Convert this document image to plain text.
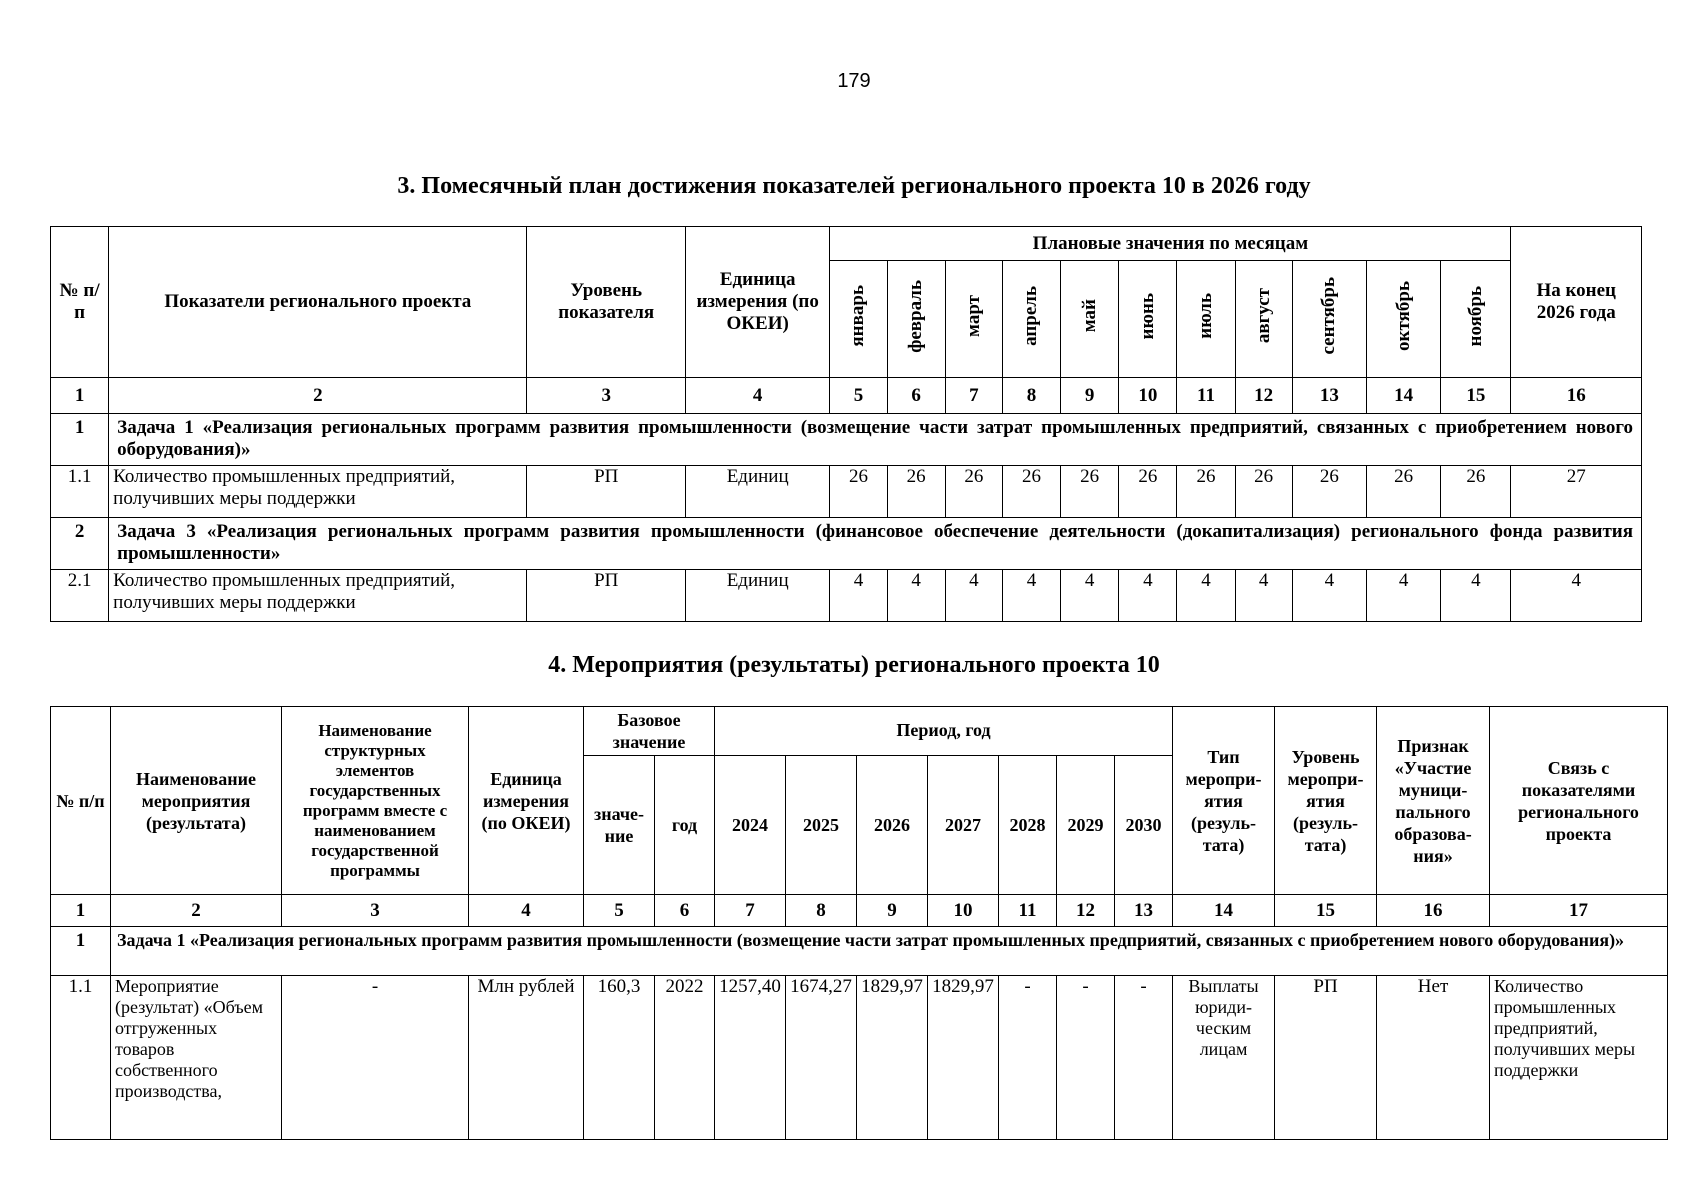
179
3. Помесячный план достижения показателей регионального проекта 10 в 2026 году
№ п/п	Показатели регионального проекта	Уровень показателя	Единица измерения (по ОКЕИ)	Плановые значения по месяцам											На конец 2026 года
				январь	февраль	март	апрель	май	июнь	июль	август	сентябрь	октябрь	ноябрь	
1	2	3	4	5	6	7	8	9	10	11	12	13	14	15	16
1	Задача 1 «Реализация региональных программ развития промышленности (возмещение части затрат промышленных предприятий, связанных с приобретением нового оборудования)»														
1.1	Количество промышленных предприятий, получивших меры поддержки	РП	Единиц	26	26	26	26	26	26	26	26	26	26	26	27
2	Задача 3 «Реализация региональных программ развития промышленности (финансовое обеспечение деятельности (докапитализация) регионального фонда развития промышленности»														
2.1	Количество промышленных предприятий, получивших меры поддержки	РП	Единиц	4	4	4	4	4	4	4	4	4	4	4	4
4. Мероприятия (результаты) регионального проекта 10
№ п/п	Наименование мероприятия (результата)	Наименование структурных элементов государственных программ вместе с наименованием государственной программы	Единица измерения (по ОКЕИ)	Базовое значение		Период, год							Тип меропри-ятия (резуль-тата)	Уровень меропри-ятия (резуль-тата)	Признак «Участие муници-пального образова-ния»	Связь с показателями регионального проекта
				значе-ние	год	2024	2025	2026	2027	2028	2029	2030				
1	2	3	4	5	6	7	8	9	10	11	12	13	14	15	16	17
1	Задача 1 «Реализация региональных программ развития промышленности (возмещение части затрат промышленных предприятий, связанных с приобретением нового оборудования)»															
1.1	Мероприятие (результат) «Объем отгруженных товаров собственного производства,	-	Млн рублей	160,3	2022	1257,40	1674,27	1829,97	1829,97	-	-	-	Выплаты юриди-ческим лицам	РП	Нет	Количество промышленных предприятий, получивших меры поддержки
